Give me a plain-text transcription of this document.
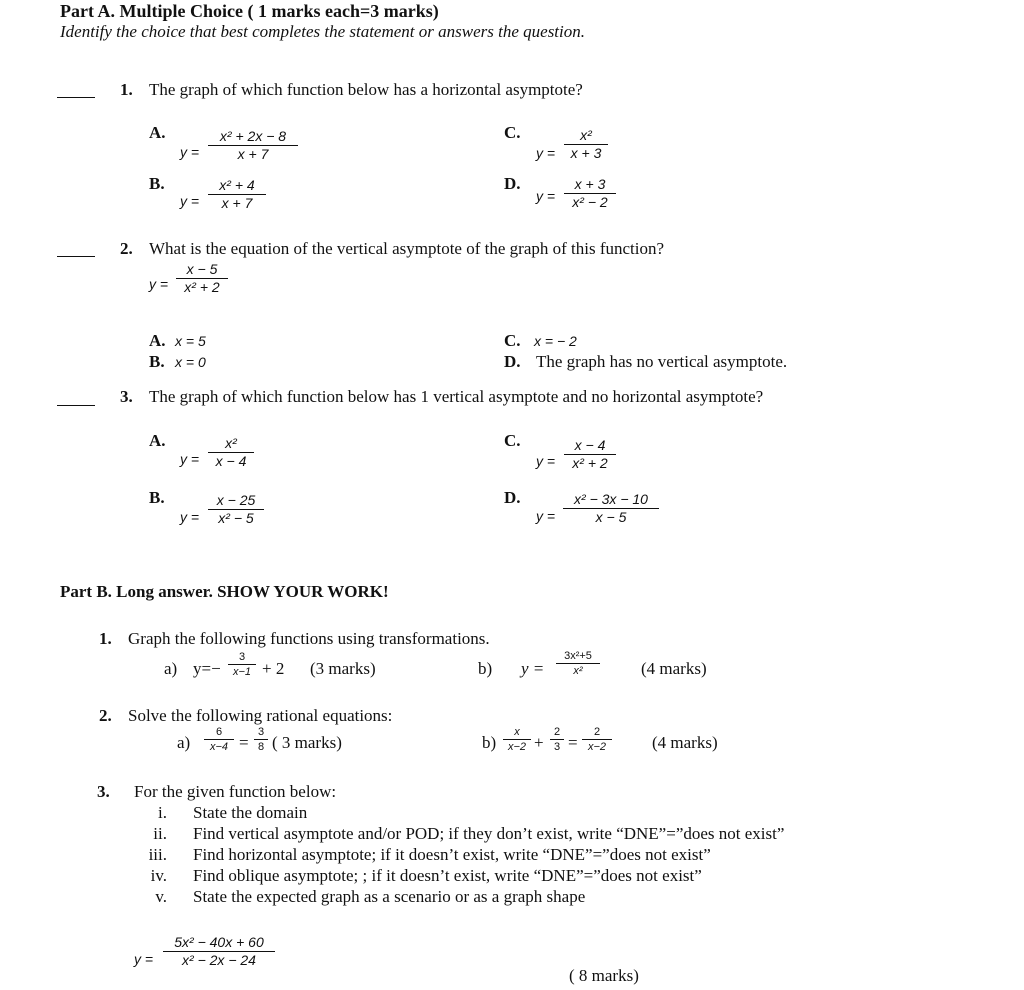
Part A. Multiple Choice ( 1 marks each=3 marks)
Identify the choice that best completes the statement or answers the question.
1. The graph of which function below has a horizontal asymptote?
A.
y =
x² + 2x − 8
x + 7
B.
y =
x² + 4
x + 7
C.
y =
x²
x + 3
D.
y =
x + 3
x² − 2
2. What is the equation of the vertical asymptote of the graph of this function?
y =
x − 5
x² + 2
A. x = 5
B. x = 0
C. x = − 2
D. The graph has no vertical asymptote.
3. The graph of which function below has 1 vertical asymptote and no horizontal asymptote?
A.
y =
x²
x − 4
B.
y =
x − 25
x² − 5
C.
y =
x − 4
x² + 2
D.
y =
x² − 3x − 10
x − 5
Part B. Long answer. SHOW YOUR WORK!
1. Graph the following functions using transformations.
a) y=−
3
x−1 + 2 (3 marks)	b) y =
3x²+5
x²	(4 marks)
2. Solve the following rational equations:
a)
6
x−4 =
3
8 ( 3 marks)	b)
x
x−2 +
2
3 =
2
x−2	(4 marks)
3. For the given function below:
i. State the domain
ii. Find vertical asymptote and/or POD; if they don’t exist, write “DNE”=”does not exist”
iii. Find horizontal asymptote; if it doesn’t exist, write “DNE”=”does not exist”
iv. Find oblique asymptote; ; if it doesn’t exist, write “DNE”=”does not exist”
v. State the expected graph as a scenario or as a graph shape
y =
5x² − 40x + 60
x² − 2x − 24
( 8 marks)
